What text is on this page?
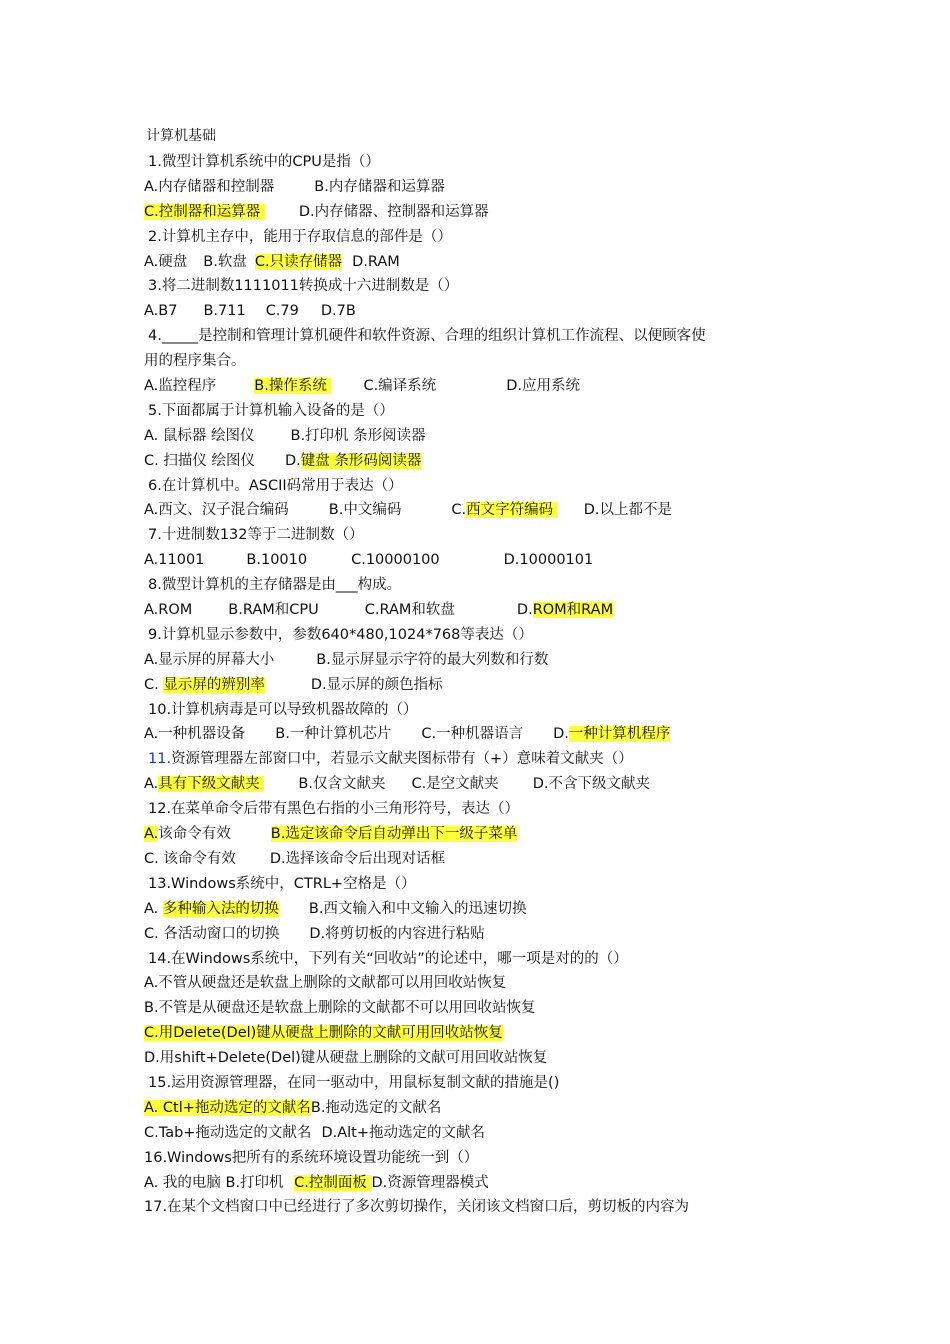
计算机基础
1.微型计算机系统中的CPU是指（）
A.内存储器和控制器	B.内存储器和运算器
C.控制器和运算器 D.内存储器、控制器和运算器
2.计算机主存中，能用于存取信息的部件是（）
A.硬盘 B.软盘 C.只读存储器 D.RAM
3.将二进制数1111011转换成十六进制数是（）
A.B7 B.711 C.79 D.7B
4._____是控制和管理计算机硬件和软件资源、合理的组织计算机工作流程、以便顾客使
用的程序集合。
A.监控程序	B.操作系统 C.编译系统	D.应用系统
5.下面都属于计算机输入设备的是（）
A. 鼠标器 绘图仪 B.打印机 条形阅读器
C. 扫描仪 绘图仪 D.键盘 条形码阅读器
6.在计算机中。ASCII码常用于表达（）
A.西文、汉子混合编码	B.中文编码	C.西文字符编码 D.以上都不是
7.十进制数132等于二进制数（）
A.11001	B.10010	C.10000100	D.10000101
8.微型计算机的主存储器是由___构成。
A.ROM B.RAM和CPU	C.RAM和软盘	D.ROM和RAM
9.计算机显示参数中，参数640*480,1024*768等表达（）
A.显示屏的屏幕大小	B.显示屏显示字符的最大列数和行数
C. 显示屏的辨别率	D.显示屏的颜色指标
10.计算机病毒是可以导致机器故障的（）
A.一种机器设备 B.一种计算机芯片 C.一种机器语言 D.一种计算机程序
11.资源管理器左部窗口中，若显示文献夹图标带有（+）意味着文献夹（）
A.具有下级文献夹 B.仅含文献夹 C.是空文献夹 D.不含下级文献夹
12.在菜单命令后带有黑色右指的小三角形符号，表达（）
A.该命令有效	B.选定该命令后自动弹出下一级子菜单
C. 该命令有效 D.选择该命令后出现对话框
13.Windows系统中，CTRL+空格是（）
A. 多种输入法的切换 B.西文输入和中文输入的迅速切换
C. 各活动窗口的切换 D.将剪切板的内容进行粘贴
14.在Windows系统中，下列有关“回收站”的论述中，哪一项是对的的（）
A.不管从硬盘还是软盘上删除的文献都可以用回收站恢复
B.不管是从硬盘还是软盘上删除的文献都不可以用回收站恢复
C.用Delete(Del)键从硬盘上删除的文献可用回收站恢复
D.用shift+Delete(Del)键从硬盘上删除的文献可用回收站恢复
15.运用资源管理器，在同一驱动中，用鼠标复制文献的措施是()
A. Ctl+拖动选定的文献名B.拖动选定的文献名
C.Tab+拖动选定的文献名 D.Alt+拖动选定的文献名
16.Windows把所有的系统环境设置功能统一到（）
A. 我的电脑 B.打印机 C.控制面板 D.资源管理器模式
17.在某个文档窗口中已经进行了多次剪切操作，关闭该文档窗口后，剪切板的内容为
